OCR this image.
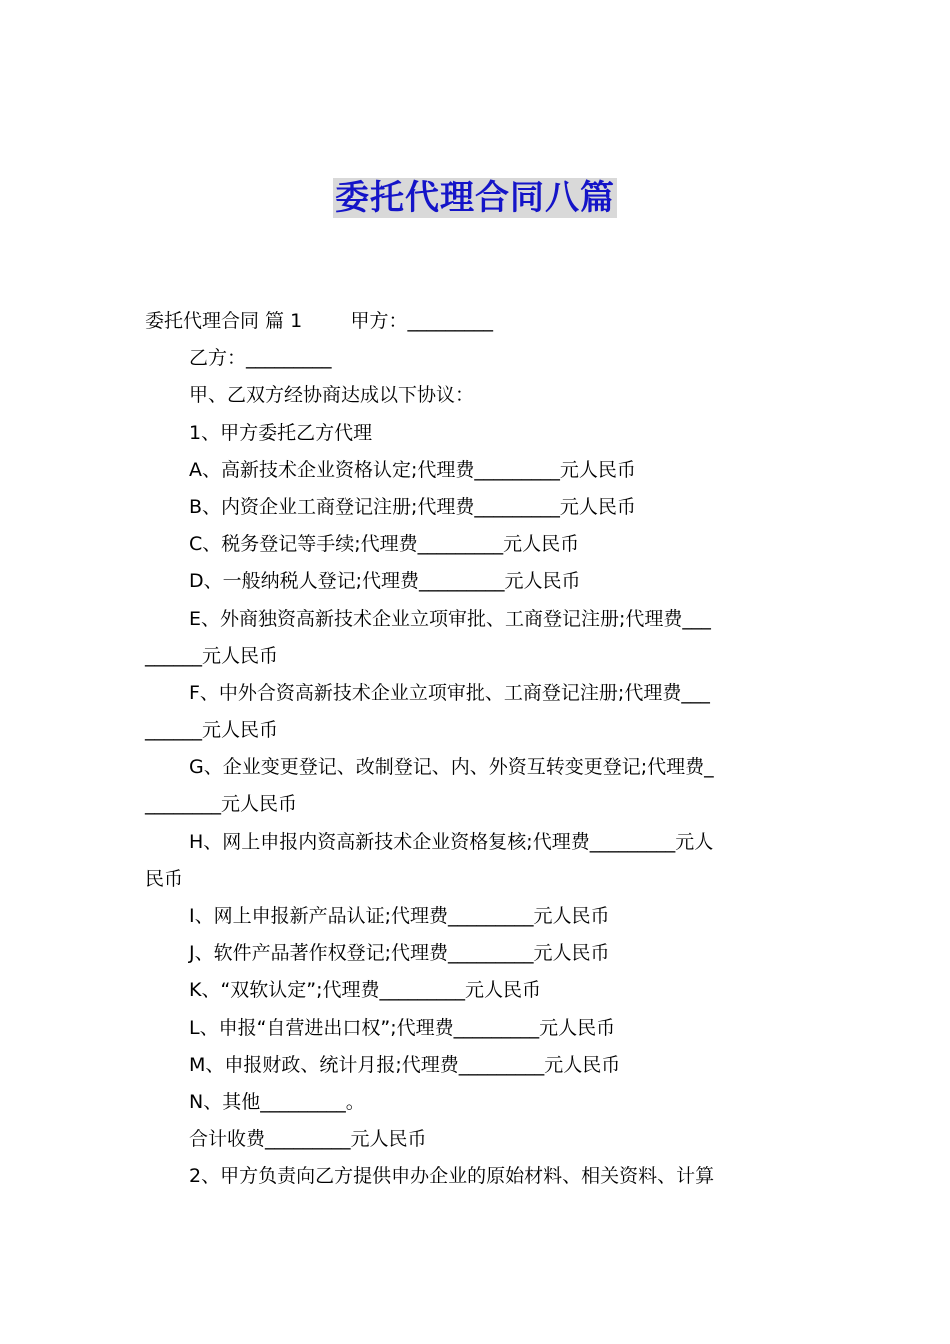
委托代理合同八篇

委托代理合同 篇 1        甲方：_________

乙方：_________

甲、乙双方经协商达成以下协议：

1、甲方委托乙方代理

A、高新技术企业资格认定;代理费_________元人民币

B、内资企业工商登记注册;代理费_________元人民币

C、税务登记等手续;代理费_________元人民币

D、一般纳税人登记;代理费_________元人民币

E、外商独资高新技术企业立项审批、工商登记注册;代理费___

______元人民币

F、中外合资高新技术企业立项审批、工商登记注册;代理费___

______元人民币

G、企业变更登记、改制登记、内、外资互转变更登记;代理费_

________元人民币

H、网上申报内资高新技术企业资格复核;代理费_________元人

民币

I、网上申报新产品认证;代理费_________元人民币

J、软件产品著作权登记;代理费_________元人民币

K、“双软认定”;代理费_________元人民币

L、申报“自营进出口权”;代理费_________元人民币

M、申报财政、统计月报;代理费_________元人民币

N、其他_________。

合计收费_________元人民币

2、甲方负责向乙方提供申办企业的原始材料、相关资料、计算
